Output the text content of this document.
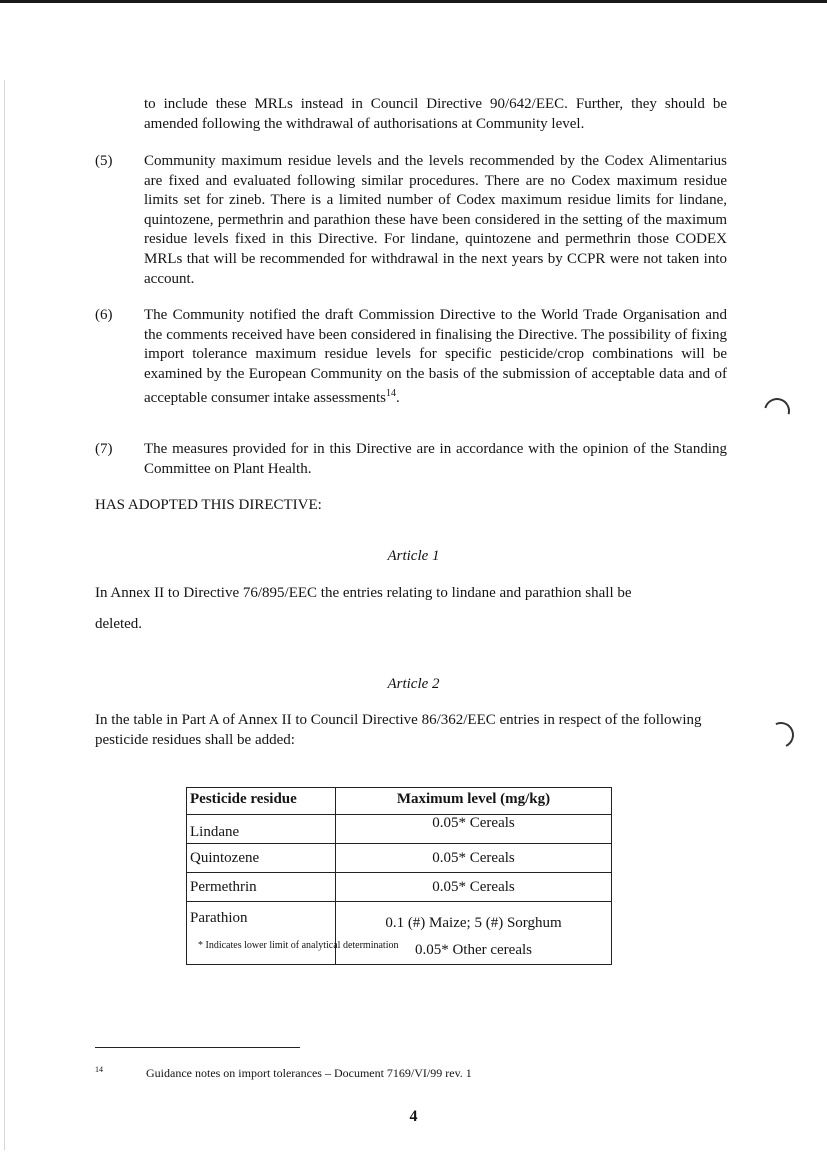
to include these MRLs instead in Council Directive 90/642/EEC. Further, they should be amended following the withdrawal of authorisations at Community level.

(5) Community maximum residue levels and the levels recommended by the Codex Alimentarius are fixed and evaluated following similar procedures. There are no Codex maximum residue limits set for zineb. There is a limited number of Codex maximum residue limits for lindane, quintozene, permethrin and parathion these have been considered in the setting of the maximum residue levels fixed in this Directive. For lindane, quintozene and permethrin those CODEX MRLs that will be recommended for withdrawal in the next years by CCPR were not taken into account.

(6) The Community notified the draft Commission Directive to the World Trade Organisation and the comments received have been considered in finalising the Directive. The possibility of fixing import tolerance maximum residue levels for specific pesticide/crop combinations will be examined by the European Community on the basis of the submission of acceptable data and of acceptable consumer intake assessments$^{14}$.

(7) The measures provided for in this Directive are in accordance with the opinion of the Standing Committee on Plant Health.

HAS ADOPTED THIS DIRECTIVE:

Article 1

In Annex II to Directive 76/895/EEC the entries relating to lindane and parathion shall be

deleted.

Article 2

In the table in Part A of Annex II to Council Directive 86/362/EEC entries in respect of the following pesticide residues shall be added:

Pesticide residue	Maximum level (mg/kg)
Lindane	0.05* Cereals
Quintozene	0.05* Cereals
Permethrin	0.05* Cereals
Parathion	0.1 (#) Maize; 5 (#) Sorghum
0.05* Other cereals
* Indicates lower limit of analytical determination
14	Guidance notes on import tolerances – Document 7169/VI/99 rev. 1
4
